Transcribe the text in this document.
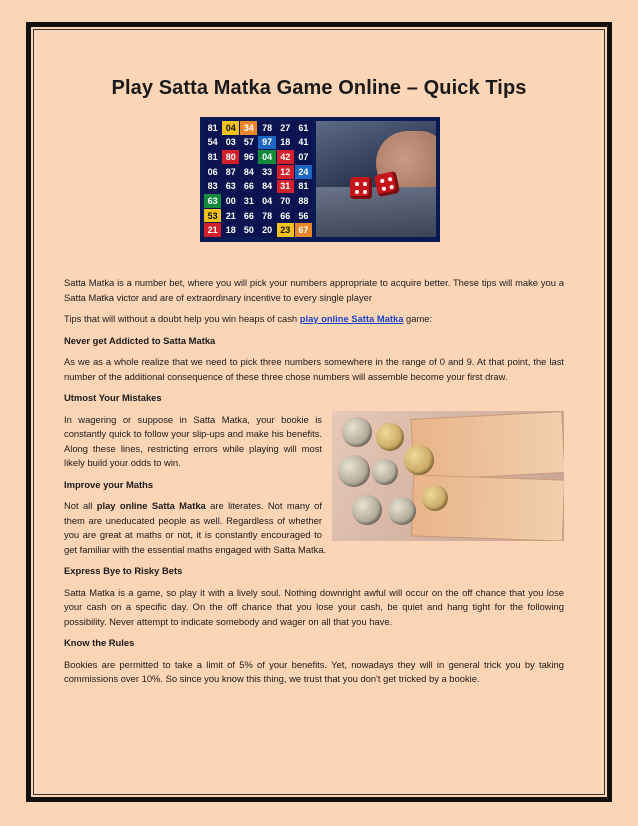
Play Satta Matka Game Online – Quick Tips
81 04 34 78 27 61
54 03 57 97 18 41
81 80 96 04 42 07
06 87 84 33 12 24
83 63 66 84 31 81
63 00 31 04 70 88
53 21 66 78 66 56
21 18 50 20 23 67

Satta Matka is a number bet, where you will pick your numbers appropriate to acquire better. These tips will make you a Satta Matka victor and are of extraordinary incentive to every single player

Tips that will without a doubt help you win heaps of cash play online Satta Matka game:

Never get Addicted to Satta Matka

As we as a whole realize that we need to pick three numbers somewhere in the range of 0 and 9. At that point, the last number of the additional consequence of these three chose numbers will assemble become your first draw.

Utmost Your Mistakes

In wagering or suppose in Satta Matka, your bookie is constantly quick to follow your slip-ups and make his benefits. Along these lines, restricting errors while playing will most likely build your odds to win.

Improve your Maths

Not all play online Satta Matka are literates. Not many of them are uneducated people as well. Regardless of whether you are great at maths or not, it is constantly encouraged to get familiar with the essential maths engaged with Satta Matka.

Express Bye to Risky Bets

Satta Matka is a game, so play it with a lively soul. Nothing downright awful will occur on the off chance that you lose your cash on a specific day. On the off chance that you lose your cash, be quiet and hang tight for the following possibility. Never attempt to indicate somebody and wager on all that you have.

Know the Rules

Bookies are permitted to take a limit of 5% of your benefits. Yet, nowadays they will in general trick you by taking commissions over 10%. So since you know this thing, we trust that you don't get tricked by a bookie.
